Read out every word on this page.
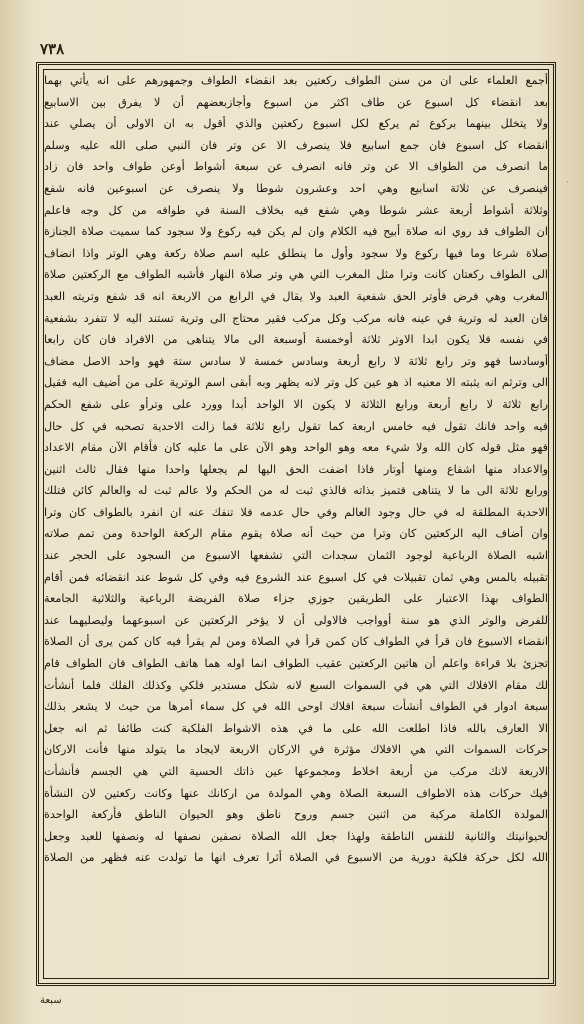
٧٣٨
أجمع العلماء على ان من سنن الطواف ركعتين بعد انقضاء الطواف وجمهورهم على انه يأتي بهما
بعد انقضاء كل اسبوع عن طاف اكثر من اسبوع وأجازبعضهم أن لا يفرق بين الاسابيع
ولا يتخلل بينهما بركوع ثم يركع لكل اسبوع ركعتين والذي أقول به ان الاولى أن يصلي عند
انقضاء كل اسبوع فان جمع اسابيع فلا ينصرف الا عن وتر فان النبي صلى الله عليه وسلم
ما انصرف من الطواف الا عن وتر فانه انصرف عن سبعة أشواط أوعن طواف واحد فان زاد
فينصرف عن ثلاثة اسابيع وهي احد وعشرون شوطا ولا ينصرف عن اسبوعين فانه شفع
وثلاثة أشواط أربعة عشر شوطا وهي شفع فيه بخلاف السنة في طوافه من كل وجه فاعلم
ان الطواف قد روي انه صلاة أبيح فيه الكلام وان لم يكن فيه ركوع ولا سجود كما سميت صلاة الجنازة
صلاة شرعا وما فيها ركوع ولا سجود وأول ما ينطلق عليه اسم صلاة ركعة وهي الوتر واذا انضاف
الى الطواف ركعتان كانت وترا مثل المغرب التي هي وتر صلاة النهار فأشبه الطواف مع الركعتين صلاة
المغرب وهي فرض فأوتر الحق شفعية العبد ولا يقال في الرابع من الاربعة انه قد شفع وتريته العبد
فان العبد له وترية في عينه فانه مركب وكل مركب فقير محتاج الى وترية تستند اليه لا تتفرد بشفعية
في نفسه فلا يكون ابدا الاوتر ثلاثة أوخمسة أوسبعة الى مالا يتناهى من الافراد فان كان رابعا
أوسادسا فهو وتر رابع ثلاثة لا رابع أربعة وسادس خمسة لا سادس ستة فهو واحد الاصل مضاف
الى وترثم انه يثبته الا معنيه اذ هو عين كل وتر لانه يظهر وبه أبقى اسم الوترية على من أضيف اليه فقيل
رابع ثلاثة لا رابع أربعة ورابع الثلاثة لا يكون الا الواحد أبدا وورد على وترأو على شفع الحكم
فيه واحد فانك تقول فيه خامس اربعة كما تقول رابع ثلاثة فما زالت الاحدية تصحبه في كل حال
فهو مثل قوله كان الله ولا شيء معه وهو الواحد وهو الآن على ما عليه كان فأقام الآن مقام الاعداد
والاعداد منها اشفاع ومنها أوتار فاذا اضفت الحق اليها لم يجعلها واحدا منها فقال ثالث اثنين
ورابع ثلاثة الى ما لا يتناهى فتميز بذاته فالذي ثبت له من الحكم ولا عالم ثبت له والعالم كائن فتلك
الاحدية المطلقة له في حال وجود العالم وفي حال عدمه فلا تنفك عنه ان انفرد بالطواف كان وترا
وان أضاف اليه الركعتين كان وترا من حيث أنه صلاة يقوم مقام الركعة الواحدة ومن تمم صلاته
اشبه الصلاة الرباعية لوجود الثمان سجدات التي تشفعها الاسبوع من السجود على الحجر عند
تقبيله بالمس وهي ثمان تقبيلات في كل اسبوع عند الشروع فيه وفي كل شوط عند انقضائه فمن أقام
الطواف بهذا الاعتبار على الطريقين جوزي جزاء صلاة الفريضة الرباعية والثلاثية الجامعة
للفرض والوتر الذي هو سنة أوواجب فالاولى أن لا يؤخر الركعتين عن اسبوعهما وليصليهما عند
انقضاء الاسبوع فان قرأ في الطواف كان كمن قرأ في الصلاة ومن لم يقرأ فيه كان كمن يرى أن الصلاة
تجزئ بلا قراءة واعلم أن هاتين الركعتين عقيب الطواف انما اوله هما هاتف الطواف فان الطواف قام
لك مقام الافلاك التي هي في السموات السبع لانه شكل مستدير فلكي وكذلك الفلك فلما أنشأت
سبعة ادوار في الطواف أنشأت سبعة افلاك اوحى الله في كل سماء أمرها من حيث لا يشعر بذلك
الا العارف بالله فاذا اطلعت الله على ما في هذه الاشواط الفلكية كنت طائفا ثم انه جعل
حركات السموات التي هي الافلاك مؤثرة في الاركان الاربعة لايجاد ما يتولد منها فأنت الاركان
الاربعة لانك مركب من أربعة اخلاط ومجموعها عين ذاتك الحسية التي هي الجسم فأنشأت
فيك حركات هذه الاطواف السبعة الصلاة وهي المولدة من اركانك عنها وكانت ركعتين لان النشأة
المولدة الكاملة مركبة من اثنين جسم وروح ناطق وهو الحيوان الناطق فأركعة الواحدة
لحيوانيتك والثانية للنفس الناطقة ولهذا جعل الله الصلاة نصفين نصفها له ونصفها للعبد وجعل
الله لكل حركة فلكية دورية من الاسبوع في الصلاة أثرا تعرف انها ما تولدت عنه فظهر من الصلاة
·
سبعة
